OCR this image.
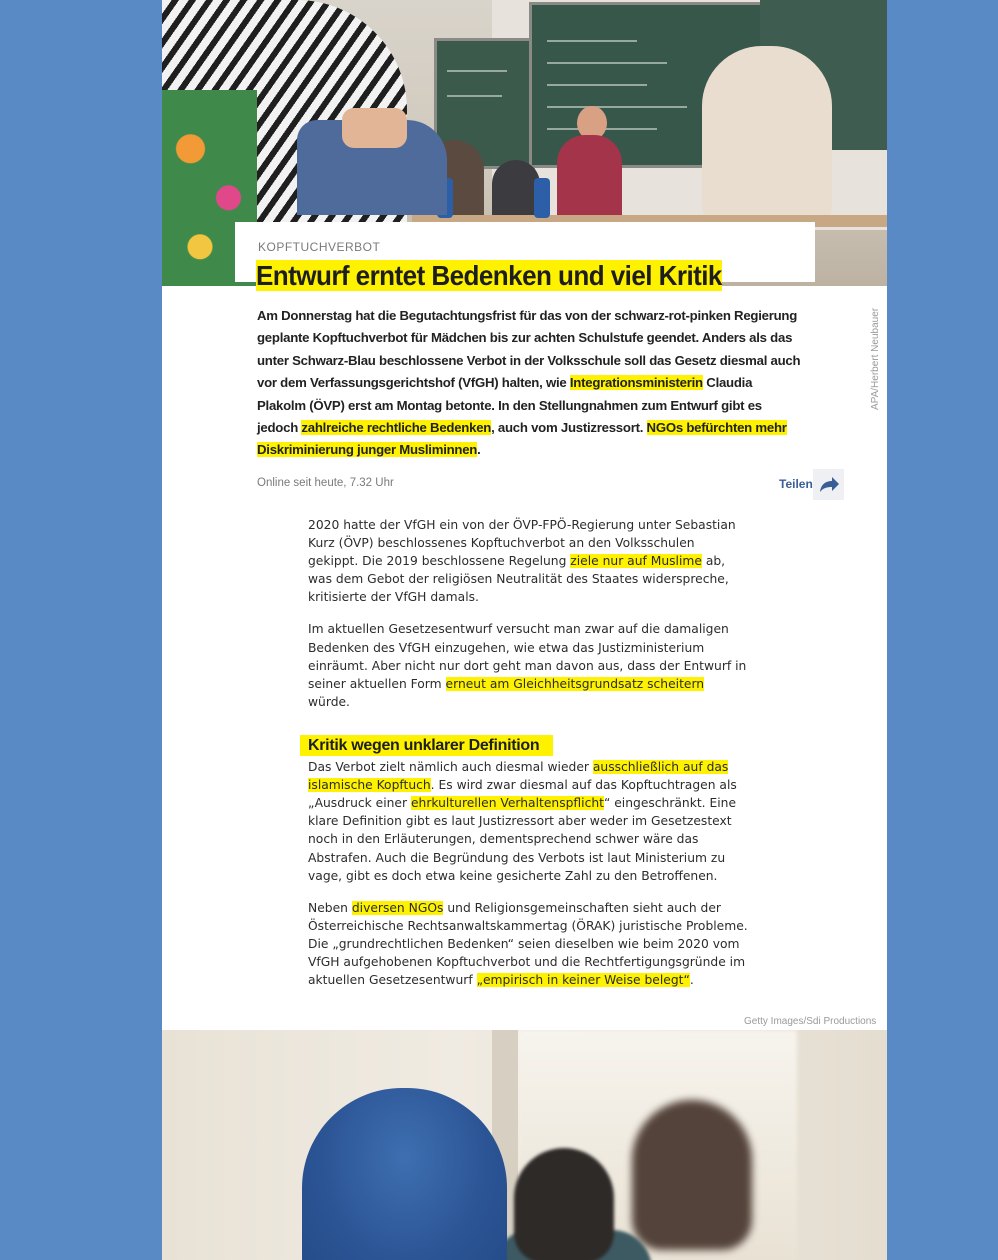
APA/Herbert Neubauer
KOPFTUCHVERBOT
Entwurf erntet Bedenken und viel Kritik

Am Donnerstag hat die Begutachtungsfrist für das von der schwarz-rot-pinken Regierung geplante Kopftuchverbot für Mädchen bis zur achten Schulstufe geendet. Anders als das unter Schwarz-Blau beschlossene Verbot in der Volksschule soll das Gesetz diesmal auch vor dem Verfassungsgerichtshof (VfGH) halten, wie Integrationsministerin Claudia Plakolm (ÖVP) erst am Montag betonte. In den Stellungnahmen zum Entwurf gibt es jedoch zahlreiche rechtliche Bedenken, auch vom Justizressort. NGOs befürchten mehr Diskriminierung junger Musliminnen.

Online seit heute, 7.32 Uhr	Teilen

2020 hatte der VfGH ein von der ÖVP-FPÖ-Regierung unter Sebastian Kurz (ÖVP) beschlossenes Kopftuchverbot an den Volksschulen gekippt. Die 2019 beschlossene Regelung ziele nur auf Muslime ab, was dem Gebot der religiösen Neutralität des Staates widerspreche, kritisierte der VfGH damals.

Im aktuellen Gesetzesentwurf versucht man zwar auf die damaligen Bedenken des VfGH einzugehen, wie etwa das Justizministerium einräumt. Aber nicht nur dort geht man davon aus, dass der Entwurf in seiner aktuellen Form erneut am Gleichheitsgrundsatz scheitern würde.

Kritik wegen unklarer Definition

Das Verbot zielt nämlich auch diesmal wieder ausschließlich auf das islamische Kopftuch. Es wird zwar diesmal auf das Kopftuchtragen als „Ausdruck einer ehrkulturellen Verhaltenspflicht“ eingeschränkt. Eine klare Definition gibt es laut Justizressort aber weder im Gesetzestext noch in den Erläuterungen, dementsprechend schwer wäre das Abstrafen. Auch die Begründung des Verbots ist laut Ministerium zu vage, gibt es doch etwa keine gesicherte Zahl zu den Betroffenen.

Neben diversen NGOs und Religionsgemeinschaften sieht auch der Österreichische Rechtsanwaltskammertag (ÖRAK) juristische Probleme. Die „grundrechtlichen Bedenken“ seien dieselben wie beim 2020 vom VfGH aufgehobenen Kopftuchverbot und die Rechtfertigungsgründe im aktuellen Gesetzesentwurf „empirisch in keiner Weise belegt“.

Getty Images/Sdi Productions
